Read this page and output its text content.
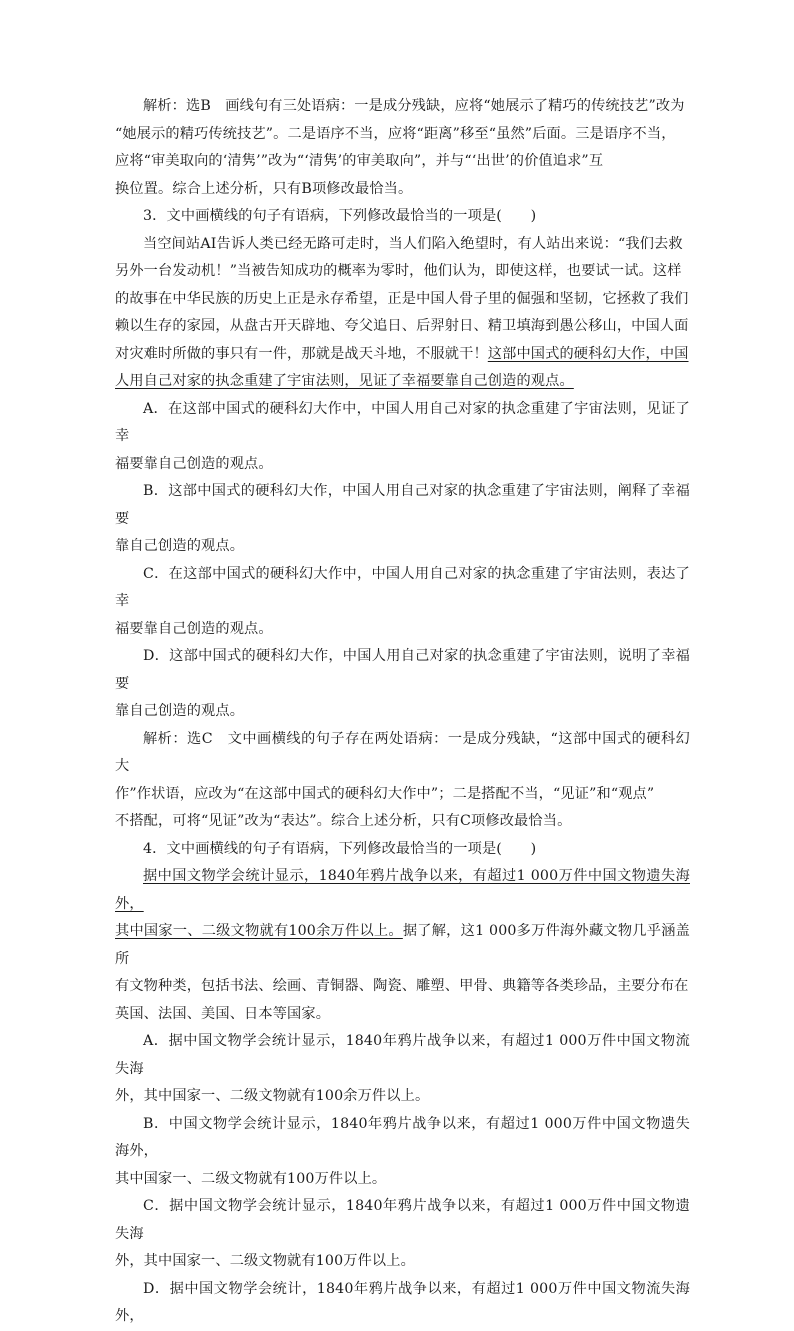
解析：选B　画线句有三处语病：一是成分残缺，应将“她展示了精巧的传统技艺”改为
“她展示的精巧传统技艺”。二是语序不当，应将“距离”移至“虽然”后面。三是语序不当，
应将“审美取向的‘清隽’”改为“‘清隽’的审美取向”，并与“‘出世’的价值追求”互
换位置。综合上述分析，只有B项修改最恰当。

3．文中画横线的句子有语病，下列修改最恰当的一项是(　　)

当空间站AI告诉人类已经无路可走时，当人们陷入绝望时，有人站出来说：“我们去救
另外一台发动机！”当被告知成功的概率为零时，他们认为，即使这样，也要试一试。这样
的故事在中华民族的历史上正是永存希望，正是中国人骨子里的倔强和坚韧，它拯救了我们
赖以生存的家园，从盘古开天辟地、夸父追日、后羿射日、精卫填海到愚公移山，中国人面
对灾难时所做的事只有一件，那就是战天斗地，不服就干！这部中国式的硬科幻大作，中国
人用自己对家的执念重建了宇宙法则，见证了幸福要靠自己创造的观点。

A．在这部中国式的硬科幻大作中，中国人用自己对家的执念重建了宇宙法则，见证了幸
福要靠自己创造的观点。

B．这部中国式的硬科幻大作，中国人用自己对家的执念重建了宇宙法则，阐释了幸福要
靠自己创造的观点。

C．在这部中国式的硬科幻大作中，中国人用自己对家的执念重建了宇宙法则，表达了幸
福要靠自己创造的观点。

D．这部中国式的硬科幻大作，中国人用自己对家的执念重建了宇宙法则，说明了幸福要
靠自己创造的观点。

解析：选C　文中画横线的句子存在两处语病：一是成分残缺，“这部中国式的硬科幻大
作”作状语，应改为“在这部中国式的硬科幻大作中”；二是搭配不当，“见证”和“观点”
不搭配，可将“见证”改为“表达”。综合上述分析，只有C项修改最恰当。

4．文中画横线的句子有语病，下列修改最恰当的一项是(　　)

据中国文物学会统计显示，1840年鸦片战争以来，有超过1 000万件中国文物遗失海外，
其中国家一、二级文物就有100余万件以上。据了解，这1 000多万件海外藏文物几乎涵盖所
有文物种类，包括书法、绘画、青铜器、陶瓷、雕塑、甲骨、典籍等各类珍品，主要分布在
英国、法国、美国、日本等国家。

A．据中国文物学会统计显示，1840年鸦片战争以来，有超过1 000万件中国文物流失海
外，其中国家一、二级文物就有100余万件以上。

B．中国文物学会统计显示，1840年鸦片战争以来，有超过1 000万件中国文物遗失海外，
其中国家一、二级文物就有100万件以上。

C．据中国文物学会统计显示，1840年鸦片战争以来，有超过1 000万件中国文物遗失海
外，其中国家一、二级文物就有100万件以上。

D．据中国文物学会统计，1840年鸦片战争以来，有超过1 000万件中国文物流失海外，
